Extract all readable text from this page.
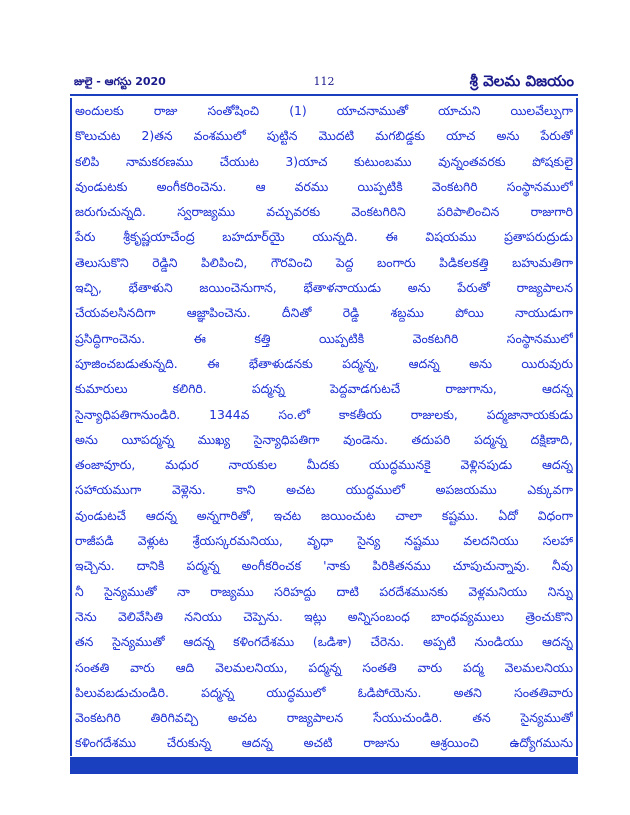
జులై - ఆగస్టు 2020	112	శ్రీ వెలమ విజయం
అందులకు రాజు సంతోషించి (1) యాచనాముతో యాచుని యిలవేల్పుగా
కొలుచుట 2)తన వంశములో పుట్టిన మొదటి మగబిడ్డకు యాచ అను పేరుతో
కలిపి నామకరణము చేయుట 3)యాచ కుటుంబము వున్నంతవరకు పోషకులై
వుండుటకు అంగీకరించెను. ఆ వరము యిప్పటికి వెంకటగిరి సంస్థానములో
జరుగుచున్నది. స్వరాజ్యము వచ్చువరకు వెంకటగిరిని పరిపాలించిన రాజుగారి
పేరు శ్రీకృష్ణయాచేంద్ర బహదూర్‌యై యున్నది. ఈ విషయము ప్రతాపరుద్రుడు
తెలుసుకొని రెడ్డిని పిలిపించి, గౌరవించి పెద్ద బంగారు పిడికలకత్తి బహుమతిగా
ఇచ్చి, భేతాళుని జయించెనుగాన, భేతాళనాయుడు అను పేరుతో రాజ్యపాలన
చేయవలసినదిగా ఆజ్ఞాపించెను. దీనితో రెడ్డి శబ్దము పోయి నాయుడుగా
ప్రసిద్ధిగాంచెను. ఈ కత్తి యిప్పటికి వెంకటగిరి సంస్థానములో
పూజించబడుతున్నది. ఈ భేతాళుడనకు పద్మన్న, ఆదన్న అను యిరువురు
కుమారులు కలిగిరి. పద్మన్న పెద్దవాడగుటచే రాజుగాను, ఆదన్న
సైన్యాధిపతిగానుండిరి. 1344వ సం.లో కాకతీయ రాజులకు, పద్మజానాయకుడు
అను యీపద్మన్న ముఖ్య సైన్యాధిపతిగా వుండెను. తదుపరి పద్మన్న దక్షిణాది,
తంజావూరు, మధుర నాయకుల మీదకు యుద్ధమునకై వెళ్లినపుడు ఆదన్న
సహాయముగా వెళ్లెను. కాని అచట యుద్ధములో అపజయము ఎక్కువగా
వుండుటచే ఆదన్న అన్నగారితో, ఇచట జయించుట చాలా కష్టము. ఏదో విధంగా
రాజీపడి వెళ్లుట శ్రేయస్కరమనియు, వృధా సైన్య నష్టము వలదనియు సలహా
ఇచ్చెను. దానికి పద్మన్న అంగీకరించక 'నాకు పిరికితనము చూపుచున్నావు. నీవు
నీ సైన్యముతో నా రాజ్యము సరిహద్దు దాటి పరదేశమునకు వెళ్లమనియు నిన్ను
నెను వెలివేసితి ననియు చెప్పెను. ఇట్లు అన్నిసంబంధ బాంధవ్యములు త్రెంచుకొని
తన సైన్యముతో ఆదన్న కళింగదేశము (ఒడిశా) చేరెను. అప్పటి నుండియు ఆదన్న
సంతతి వారు ఆది వెలమలనియు, పద్మన్న సంతతి వారు పద్మ వెలమలనియు
పిలువబడుచుండిరి. పద్మన్న యుద్ధములో ఓడిపోయెను. అతని సంతతివారు
వెంకటగిరి తిరిగివచ్చి అచట రాజ్యపాలన సేయుచుండిరి. తన సైన్యముతో
కళింగదేశము చేరుకున్న ఆదన్న అచటి రాజును ఆశ్రయించి ఉద్యోగమును
